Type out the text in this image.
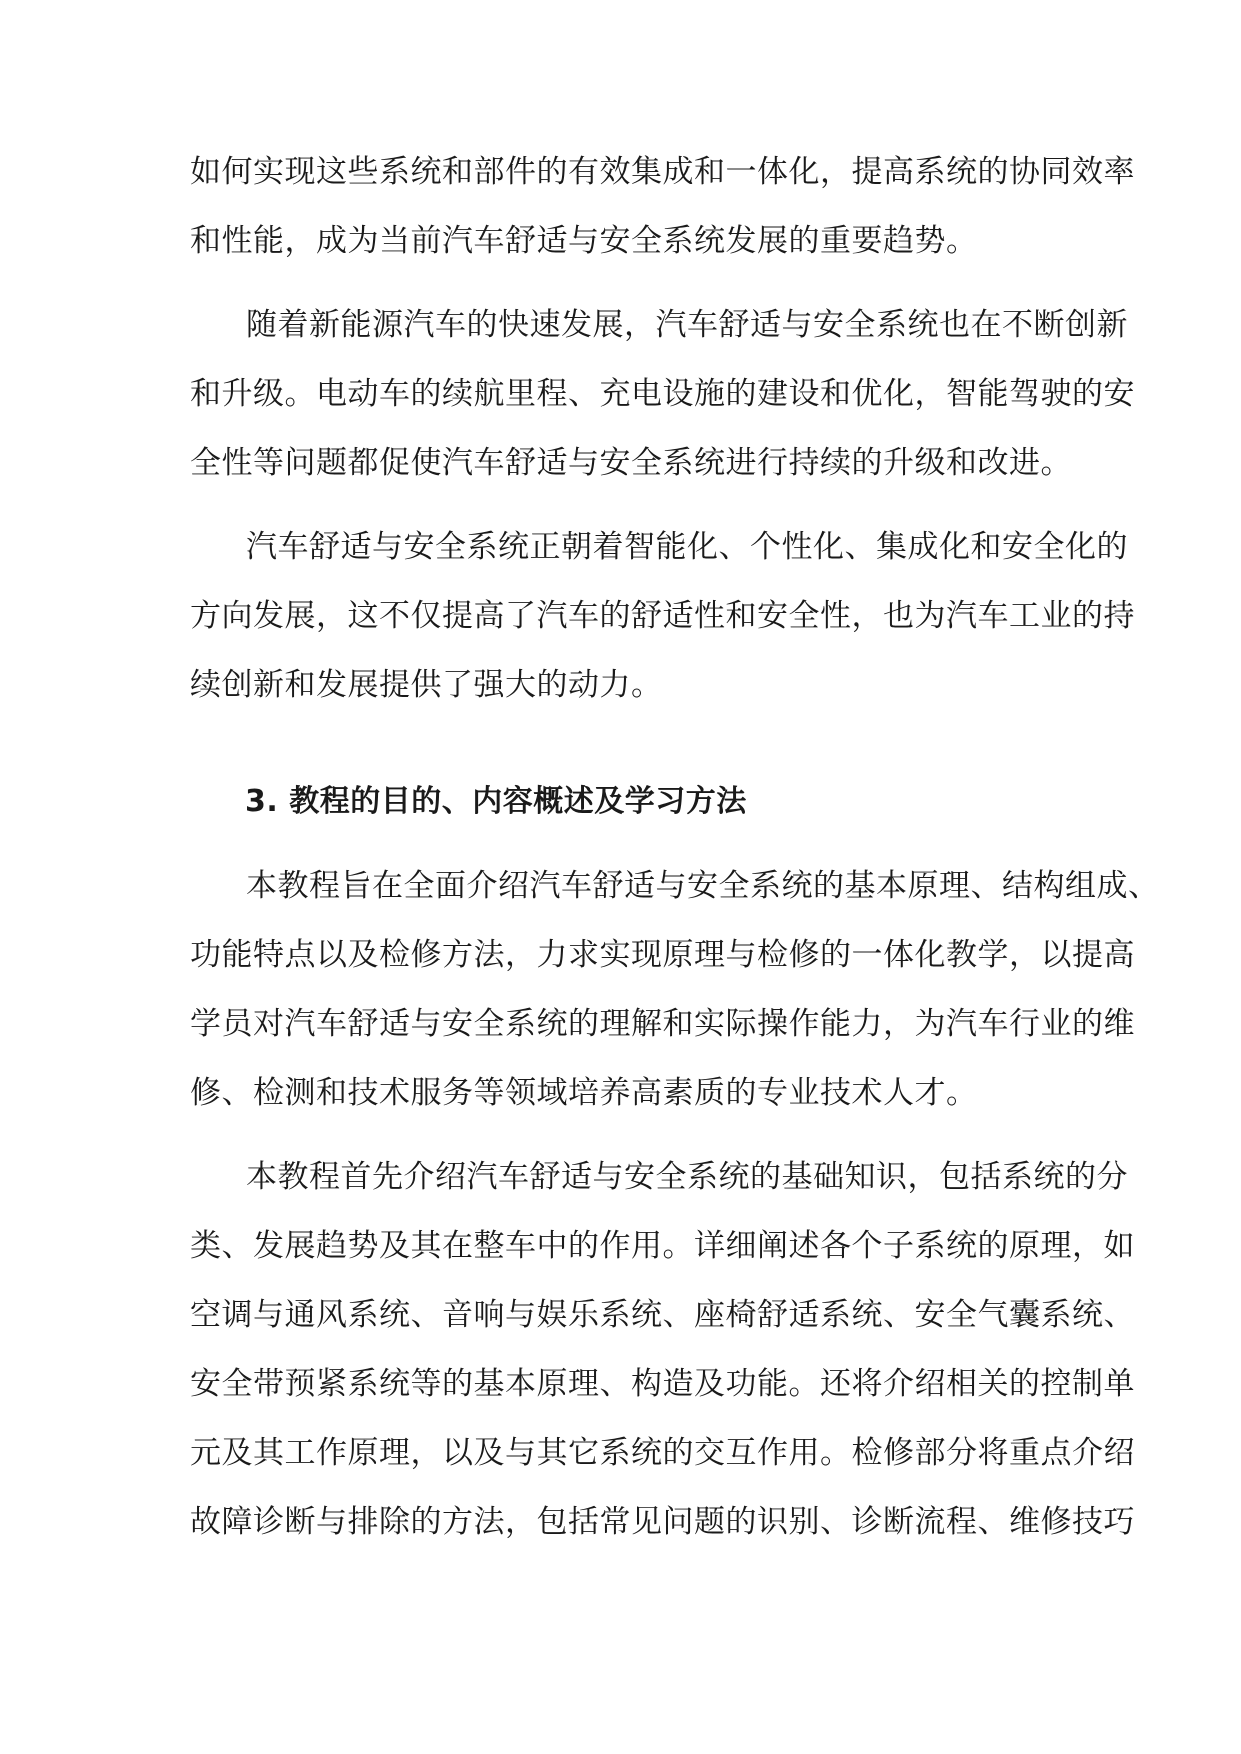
如何实现这些系统和部件的有效集成和一体化，提高系统的协同效率
和性能，成为当前汽车舒适与安全系统发展的重要趋势。
随着新能源汽车的快速发展，汽车舒适与安全系统也在不断创新
和升级。电动车的续航里程、充电设施的建设和优化，智能驾驶的安
全性等问题都促使汽车舒适与安全系统进行持续的升级和改进。
汽车舒适与安全系统正朝着智能化、个性化、集成化和安全化的
方向发展，这不仅提高了汽车的舒适性和安全性，也为汽车工业的持
续创新和发展提供了强大的动力。
3. 教程的目的、内容概述及学习方法
本教程旨在全面介绍汽车舒适与安全系统的基本原理、结构组成、
功能特点以及检修方法，力求实现原理与检修的一体化教学，以提高
学员对汽车舒适与安全系统的理解和实际操作能力，为汽车行业的维
修、检测和技术服务等领域培养高素质的专业技术人才。
本教程首先介绍汽车舒适与安全系统的基础知识，包括系统的分
类、发展趋势及其在整车中的作用。详细阐述各个子系统的原理，如
空调与通风系统、音响与娱乐系统、座椅舒适系统、安全气囊系统、
安全带预紧系统等的基本原理、构造及功能。还将介绍相关的控制单
元及其工作原理，以及与其它系统的交互作用。检修部分将重点介绍
故障诊断与排除的方法，包括常见问题的识别、诊断流程、维修技巧
